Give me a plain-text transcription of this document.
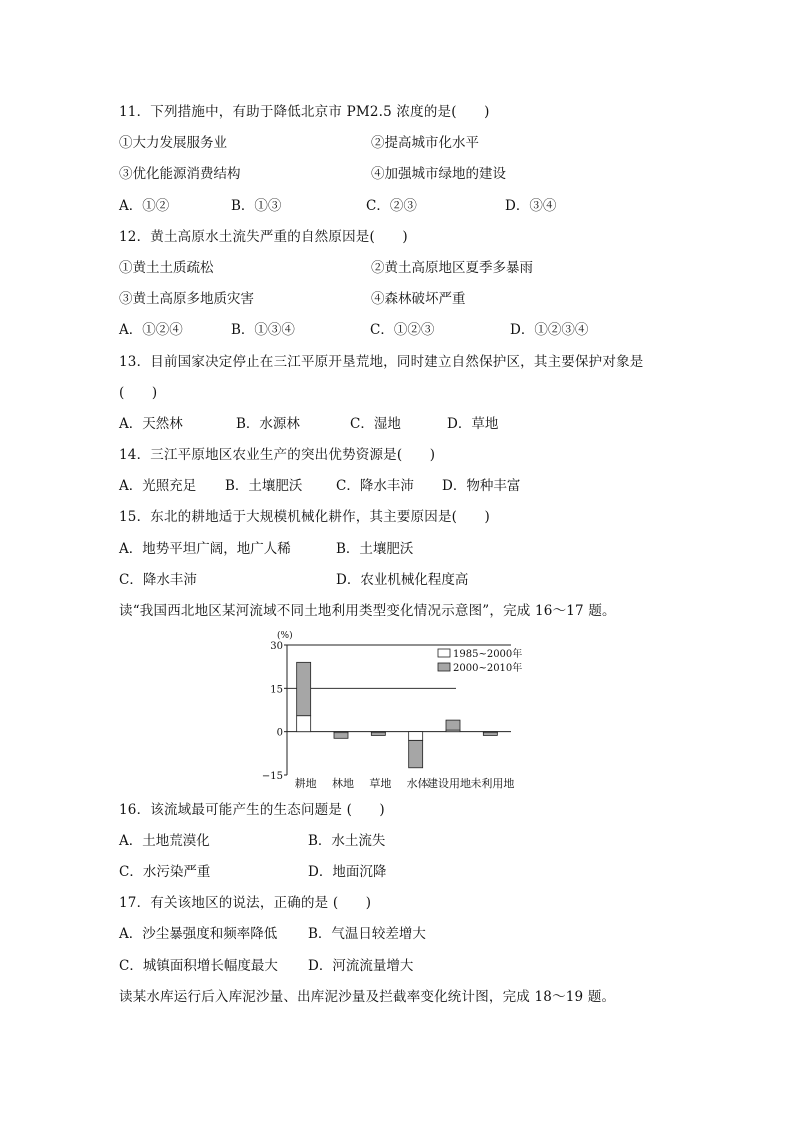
11．下列措施中，有助于降低北京市 PM2.5 浓度的是(　　)
①大力发展服务业	②提高城市化水平
③优化能源消费结构	④加强城市绿地的建设
A．①②	B．①③	C．②③	D．③④
12．黄土高原水土流失严重的自然原因是(　　)
①黄土土质疏松	②黄土高原地区夏季多暴雨
③黄土高原多地质灾害	④森林破坏严重
A．①②④	B．①③④	C．①②③	D．①②③④
13．目前国家决定停止在三江平原开垦荒地，同时建立自然保护区，其主要保护对象是
(　　)
A．天然林	B．水源林	C．湿地	D．草地
14．三江平原地区农业生产的突出优势资源是(　　)
A．光照充足 B．土壤肥沃 C．降水丰沛 D．物种丰富
15．东北的耕地适于大规模机械化耕作，其主要原因是(　　)
A．地势平坦广阔，地广人稀	B．土壤肥沃
C．降水丰沛	D．农业机械化程度高
读“我国西北地区某河流域不同土地利用类型变化情况示意图”，完成 16～17 题。
30
15
0
−15
(%)
耕地 林地 草地 水体
建设用地 未利用地
1985~2000年
2000~2010年
16．该流域最可能产生的生态问题是 (　　)
A．土地荒漠化	B．水土流失
C．水污染严重	D．地面沉降
17．有关该地区的说法，正确的是 (　　)
A．沙尘暴强度和频率降低 B．气温日较差增大
C．城镇面积增长幅度最大 D．河流流量增大
读某水库运行后入库泥沙量、出库泥沙量及拦截率变化统计图，完成 18～19 题。
